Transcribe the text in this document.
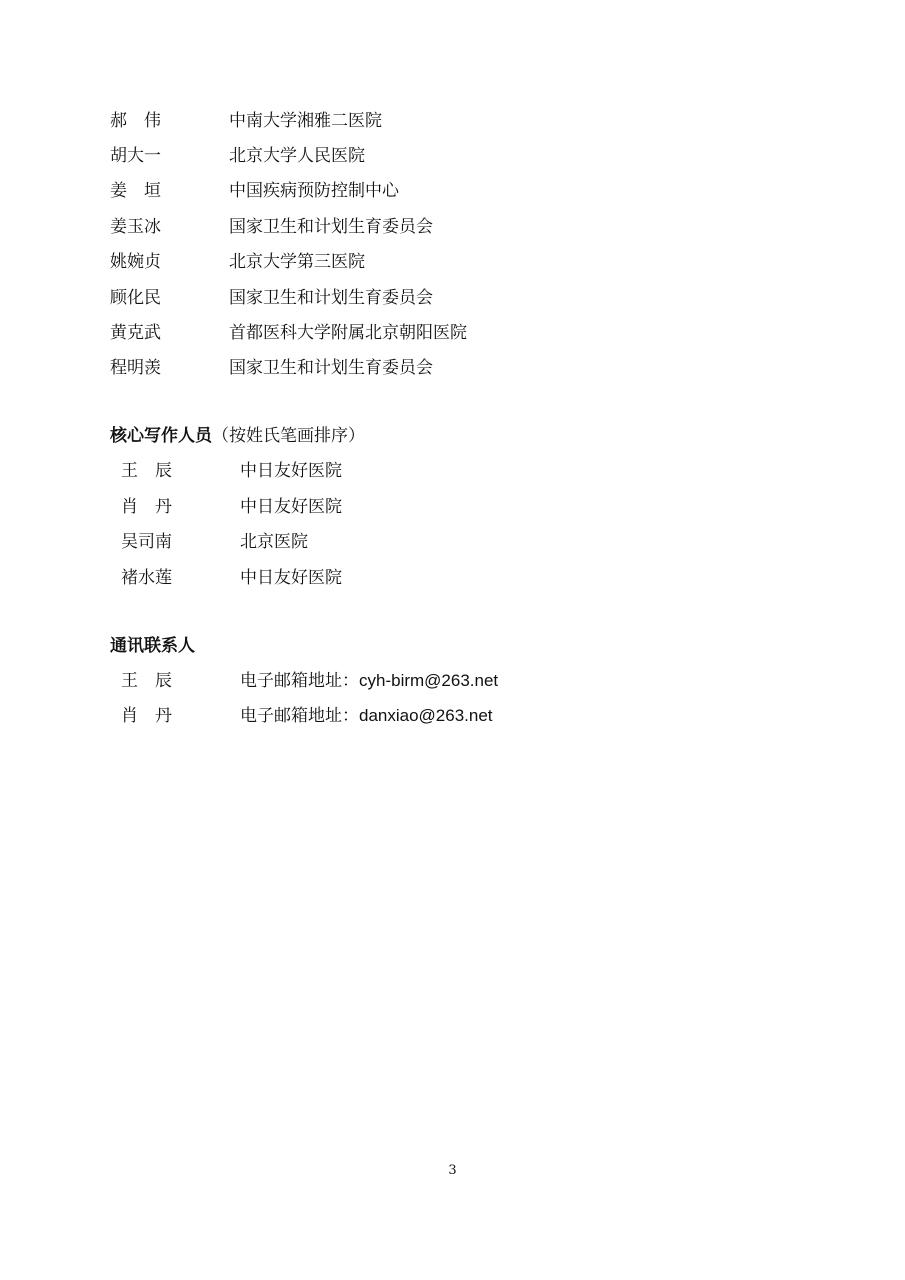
郝　伟	中南大学湘雅二医院
胡大一	北京大学人民医院
姜　垣	中国疾病预防控制中心
姜玉冰	国家卫生和计划生育委员会
姚婉贞	北京大学第三医院
顾化民	国家卫生和计划生育委员会
黄克武	首都医科大学附属北京朝阳医院
程明羡	国家卫生和计划生育委员会
核心写作人员（按姓氏笔画排序）
王　辰	中日友好医院
肖　丹	中日友好医院
吴司南	北京医院
褚水莲	中日友好医院
通讯联系人
王　辰	电子邮箱地址：cyh-birm@263.net
肖　丹	电子邮箱地址：danxiao@263.net
3
